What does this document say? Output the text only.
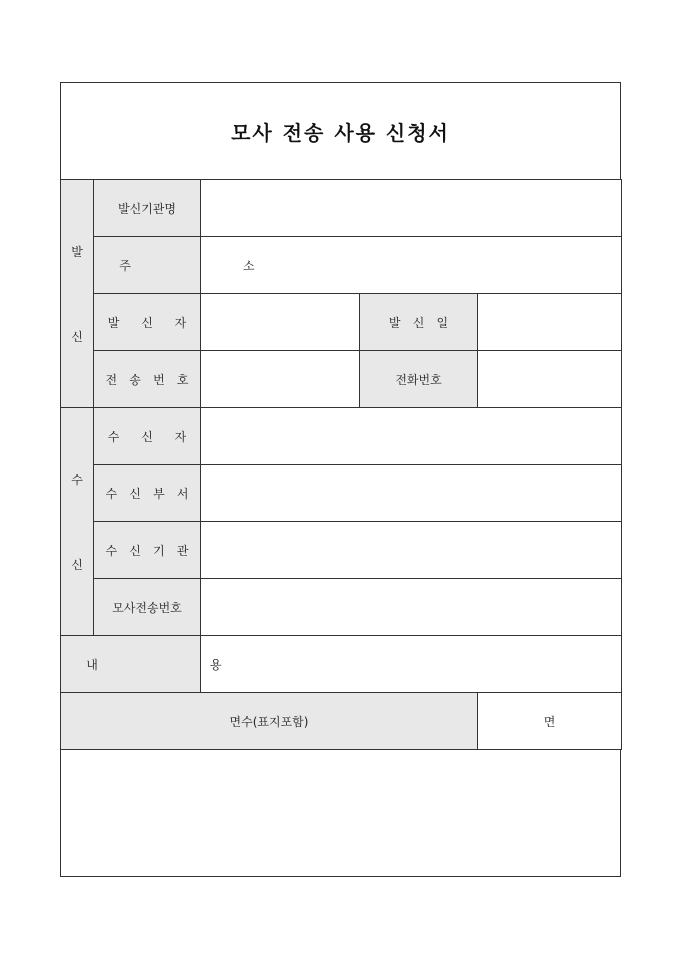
모사 전송 사용 신청서
발
신	발신기관명			
	주   소			
	발 신 자		발 신 일	
	전 송 번 호		전화번호	

수
신	수 신 자			
	수 신 부 서			
	수 신 기 관			
	모사전송번호			
내   용				
면수(표지포함)				면
